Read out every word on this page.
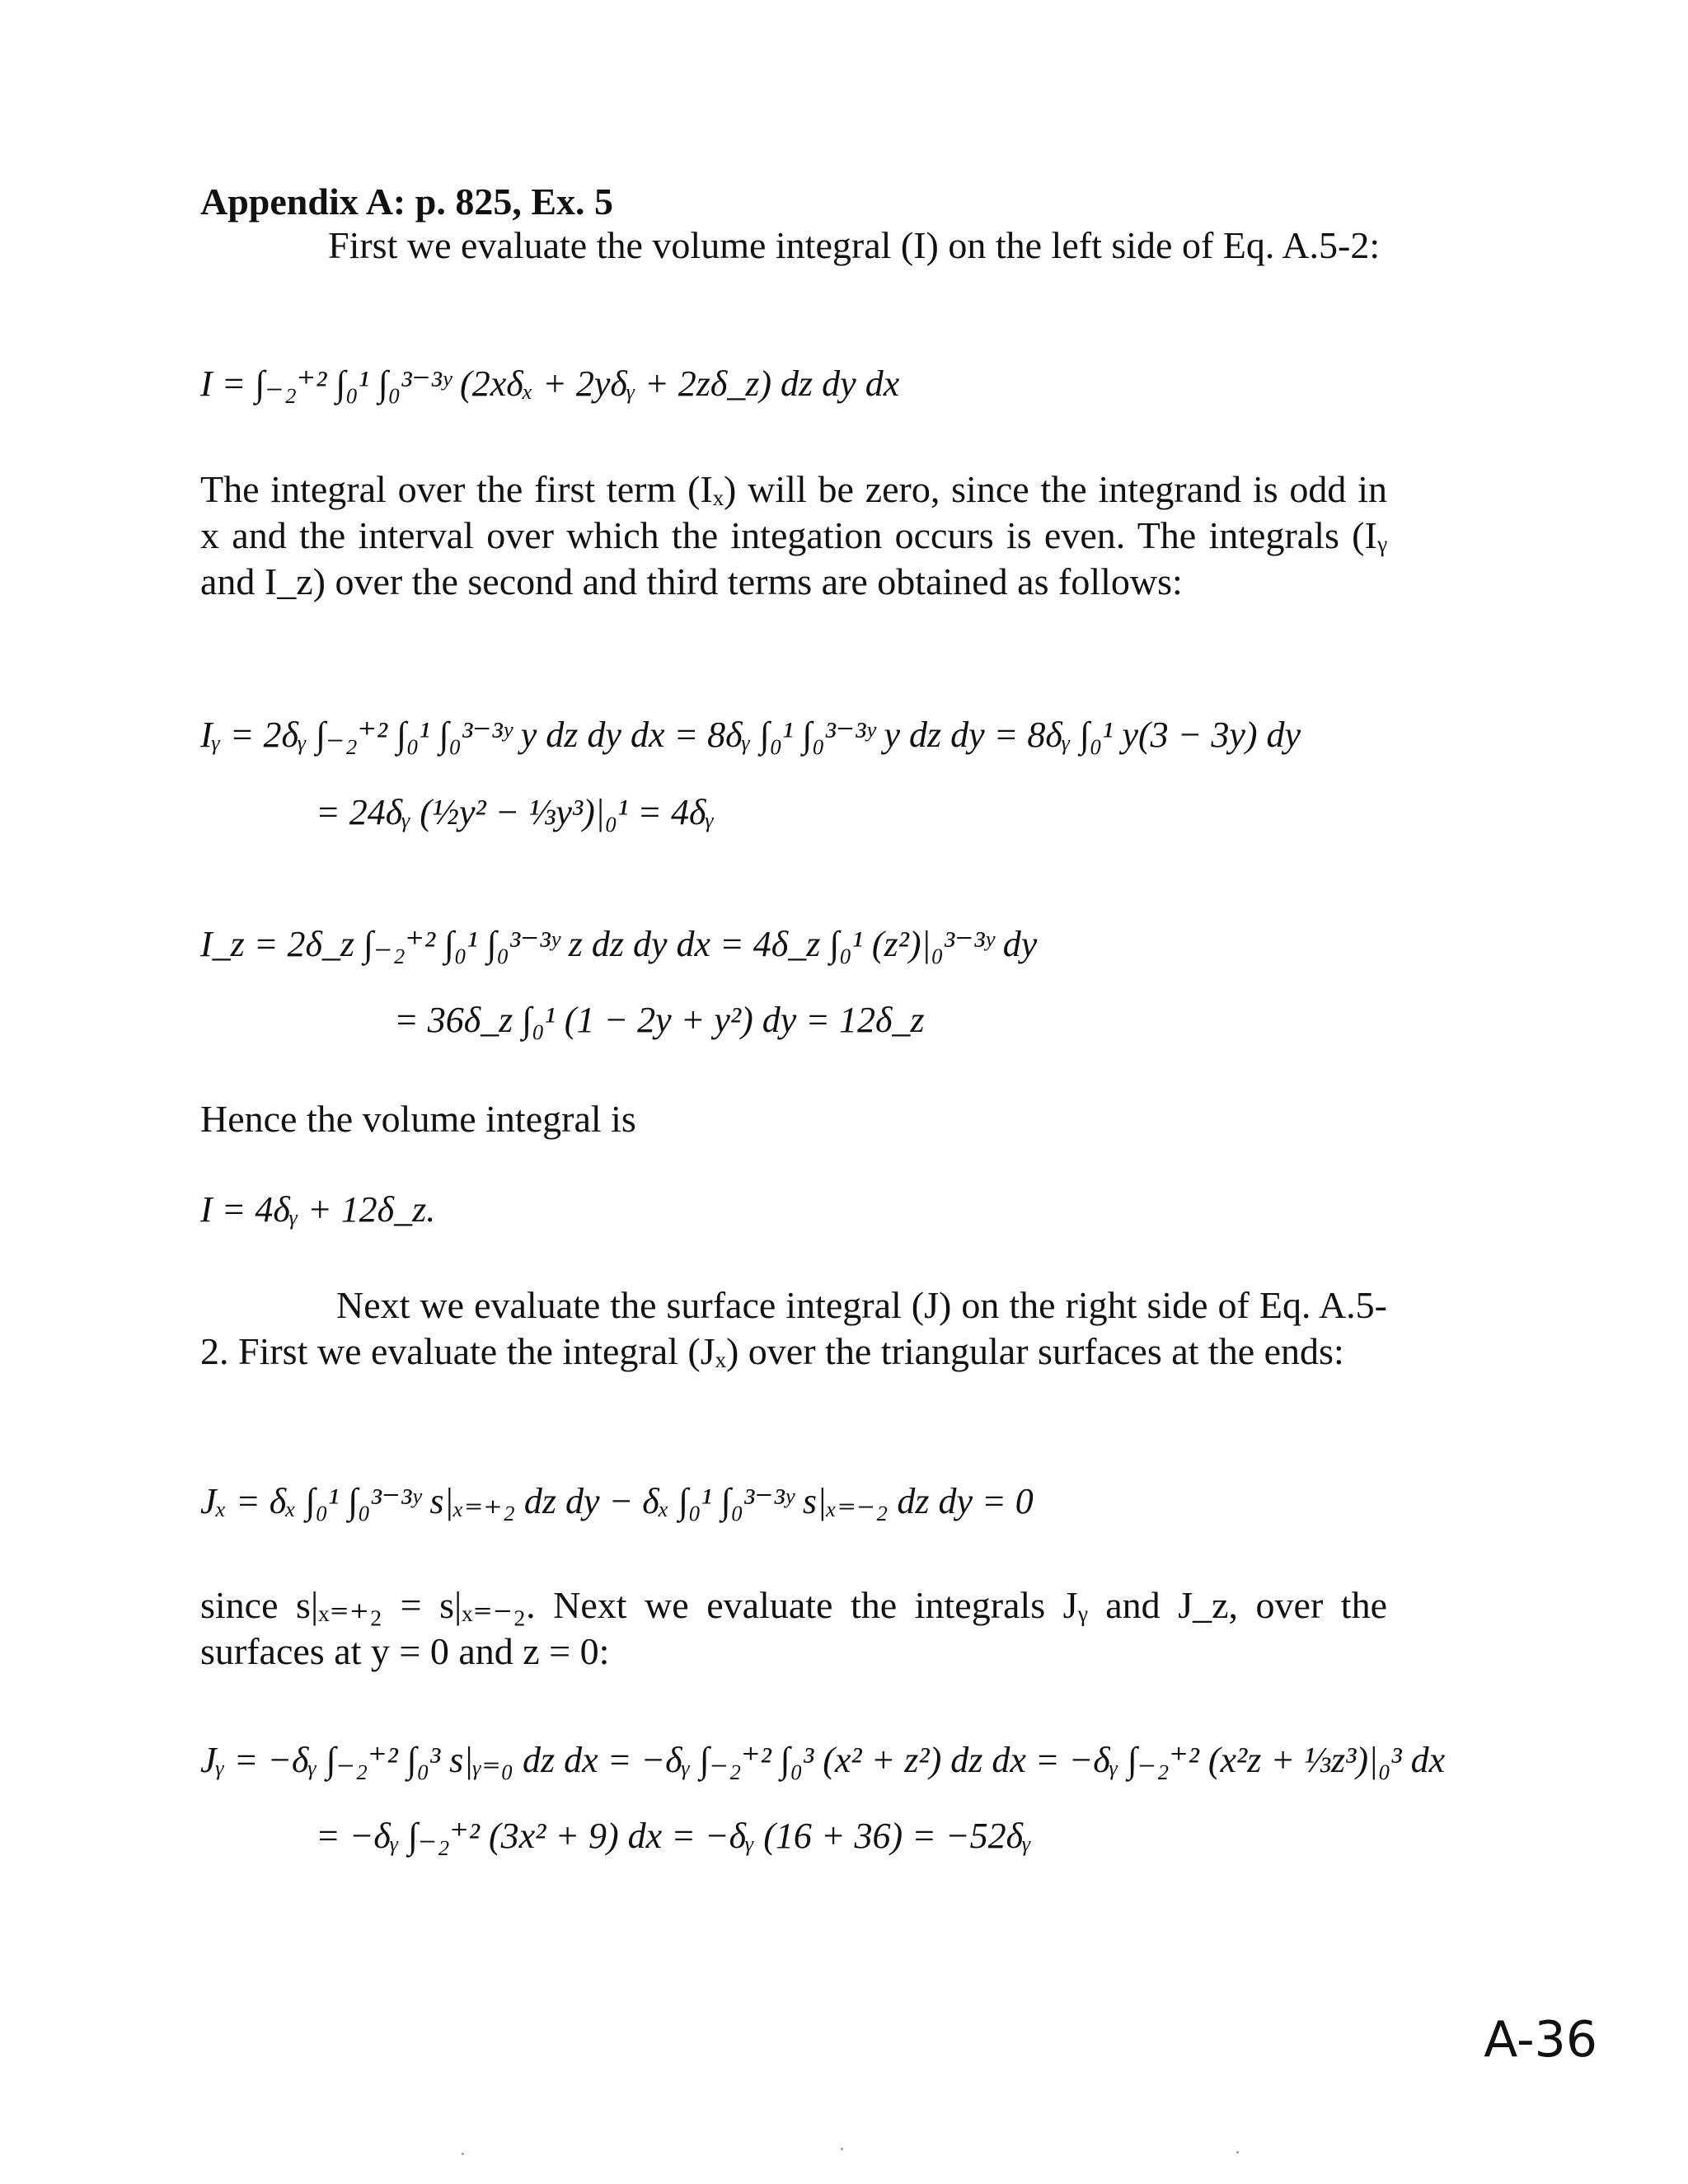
Appendix A: p. 825, Ex. 5
First we evaluate the volume integral (I) on the left side of Eq. A.5-2:
I = ∫₋₂⁺² ∫₀¹ ∫₀³⁻³ʸ (2xδₓ + 2yδᵧ + 2zδ_z) dz dy dx
The integral over the first term (Iₓ) will be zero, since the integrand is odd in x and the interval over which the integation occurs is even. The integrals (Iᵧ and I_z) over the second and third terms are obtained as follows:
Iᵧ = 2δᵧ ∫₋₂⁺² ∫₀¹ ∫₀³⁻³ʸ y dz dy dx = 8δᵧ ∫₀¹ ∫₀³⁻³ʸ y dz dy = 8δᵧ ∫₀¹ y(3 − 3y) dy
= 24δᵧ (½y² − ⅓y³)|₀¹ = 4δᵧ
I_z = 2δ_z ∫₋₂⁺² ∫₀¹ ∫₀³⁻³ʸ z dz dy dx = 4δ_z ∫₀¹ (z²)|₀³⁻³ʸ dy
= 36δ_z ∫₀¹ (1 − 2y + y²) dy = 12δ_z
Hence the volume integral is
I = 4δᵧ + 12δ_z.
Next we evaluate the surface integral (J) on the right side of Eq. A.5-2. First we evaluate the integral (Jₓ) over the triangular surfaces at the ends:
Jₓ = δₓ ∫₀¹ ∫₀³⁻³ʸ s|ₓ₌₊₂ dz dy − δₓ ∫₀¹ ∫₀³⁻³ʸ s|ₓ₌₋₂ dz dy = 0
since s|ₓ₌₊₂ = s|ₓ₌₋₂. Next we evaluate the integrals Jᵧ and J_z, over the surfaces at y = 0 and z = 0:
Jᵧ = −δᵧ ∫₋₂⁺² ∫₀³ s|ᵧ₌₀ dz dx = −δᵧ ∫₋₂⁺² ∫₀³ (x² + z²) dz dx = −δᵧ ∫₋₂⁺² (x²z + ⅓z³)|₀³ dx
= −δᵧ ∫₋₂⁺² (3x² + 9) dx = −δᵧ (16 + 36) = −52δᵧ
A-36
